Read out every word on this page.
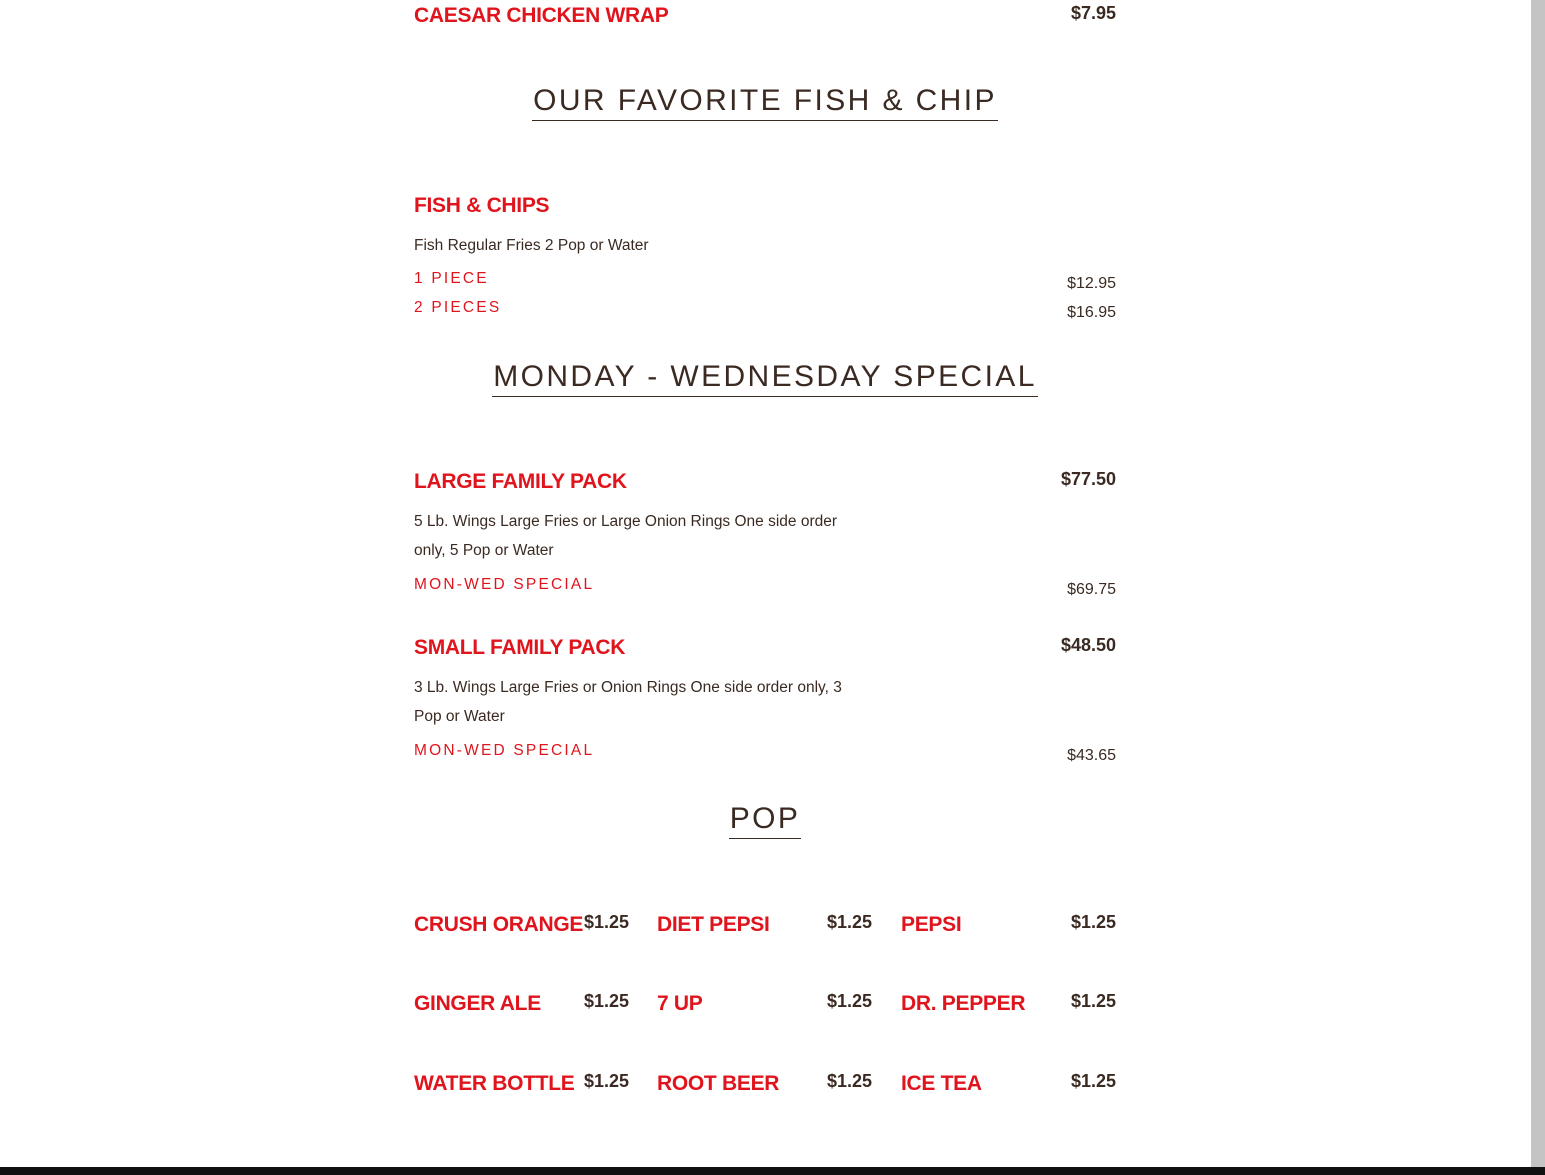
CAESAR CHICKEN WRAP	$7.95
OUR FAVORITE FISH & CHIP
FISH & CHIPS
Fish Regular Fries 2 Pop or Water
1 PIECE	$12.95
2 PIECES	$16.95
MONDAY - WEDNESDAY SPECIAL
LARGE FAMILY PACK	$77.50
5 Lb. Wings Large Fries or Large Onion Rings One side order only, 5 Pop or Water
MON-WED SPECIAL	$69.75
SMALL FAMILY PACK	$48.50
3 Lb. Wings Large Fries or Onion Rings One side order only, 3 Pop or Water
MON-WED SPECIAL	$43.65
POP
CRUSH ORANGE $1.25 DIET PEPSI	$1.25 PEPSI	$1.25
GINGER ALE	$1.25 7 UP	$1.25 DR. PEPPER	$1.25
WATER BOTTLE $1.25 ROOT BEER	$1.25 ICE TEA	$1.25
